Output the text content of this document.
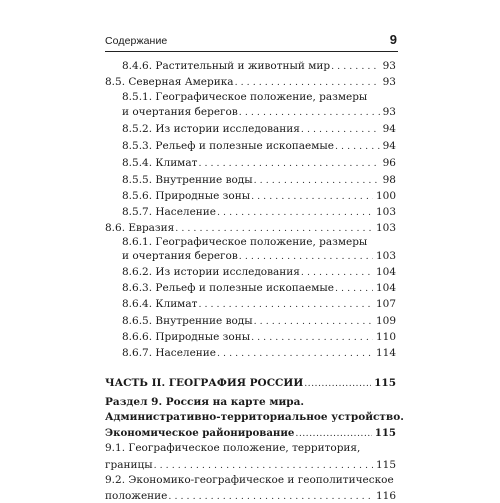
Содержание	9
8.4.6. Растительный и животный мир . . .	93
8.5. Северная Америка . . .	93
8.5.1. Географическое положение, размеры
и очертания берегов . . .	93
8.5.2. Из истории исследования . . .	94
8.5.3. Рельеф и полезные ископаемые . . .	94
8.5.4. Климат . . .	96
8.5.5. Внутренние воды . . .	98
8.5.6. Природные зоны . . .	100
8.5.7. Население . . .	103
8.6. Евразия . . .	103
8.6.1. Географическое положение, размеры
и очертания берегов . . .	103
8.6.2. Из истории исследования . . .	104
8.6.3. Рельеф и полезные ископаемые . . .	104
8.6.4. Климат . . .	107
8.6.5. Внутренние воды . . .	109
8.6.6. Природные зоны . . .	110
8.6.7. Население . . .	114
ЧАСТЬ II. ГЕОГРАФИЯ РОССИИ .....	115
Раздел 9. Россия на карте мира.
Административно-территориальное устройство.
Экономическое районирование .....	115
9.1. Географическое положение, территория,
границы . . .	115
9.2. Экономико-географическое и геополитическое
положение . . .	116
